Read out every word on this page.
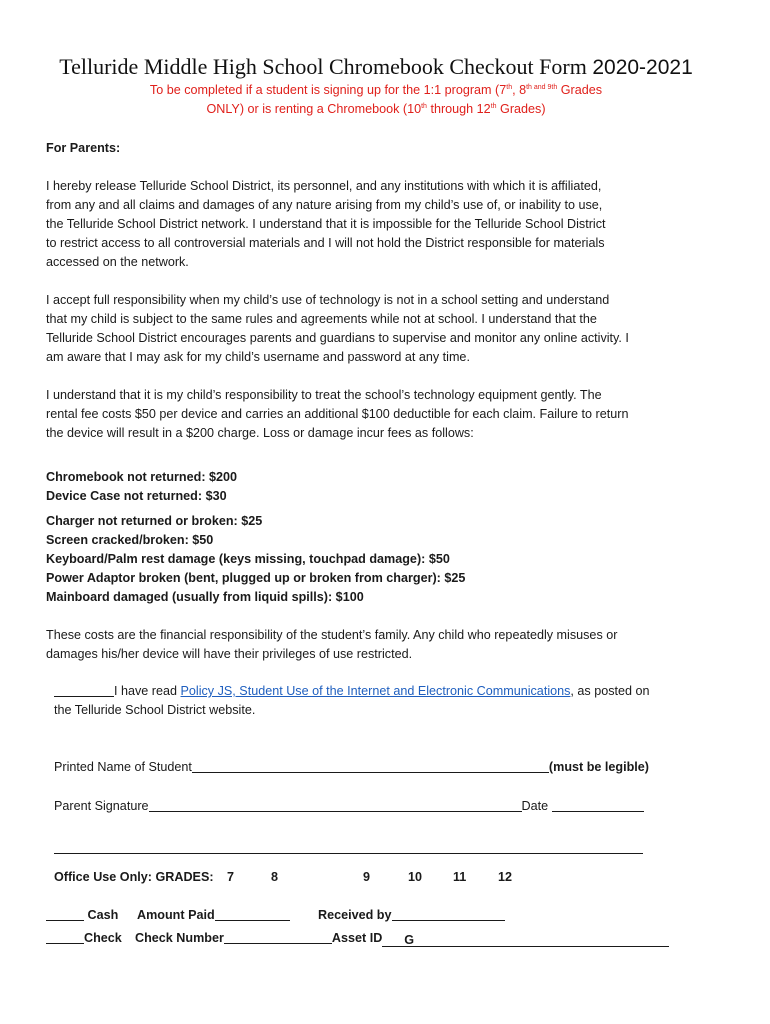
Telluride Middle High School Chromebook Checkout Form 2020-2021
To be completed if a student is signing up for the 1:1 program (7th, $8^{th and 9th}$ Grades
ONLY) or is renting a Chromebook (10th through 12th Grades)
For Parents:
I hereby release Telluride School District, its personnel, and any institutions with which it is affiliated,
from any and all claims and damages of any nature arising from my child’s use of, or inability to use,
the Telluride School District network. I understand that it is impossible for the Telluride School District
to restrict access to all controversial materials and I will not hold the District responsible for materials
accessed on the network.
I accept full responsibility when my child’s use of technology is not in a school setting and understand
that my child is subject to the same rules and agreements while not at school. I understand that the
Telluride School District encourages parents and guardians to supervise and monitor any online activity. I
am aware that I may ask for my child’s username and password at any time.
I understand that it is my child’s responsibility to treat the school’s technology equipment gently. The
rental fee costs $50 per device and carries an additional $100 deductible for each claim. Failure to return
the device will result in a $200 charge. Loss or damage incur fees as follows:
Chromebook not returned: $200
Device Case not returned: $30
Charger not returned or broken: $25
Screen cracked/broken: $50
Keyboard/Palm rest damage (keys missing, touchpad damage): $50
Power Adaptor broken (bent, plugged up or broken from charger): $25
Mainboard damaged (usually from liquid spills): $100
These costs are the financial responsibility of the student’s family. Any child who repeatedly misuses or
damages his/her device will have their privileges of use restricted.
I have read Policy JS, Student Use of the Internet and Electronic Communications, as posted on
the Telluride School District website.
Printed Name of Student	(must be legible)
Parent Signature	Date
Office Use Only: GRADES: 7	8	9	10 11	12
Cash Amount Paid	Received by
Check Check Number	Asset ID G
